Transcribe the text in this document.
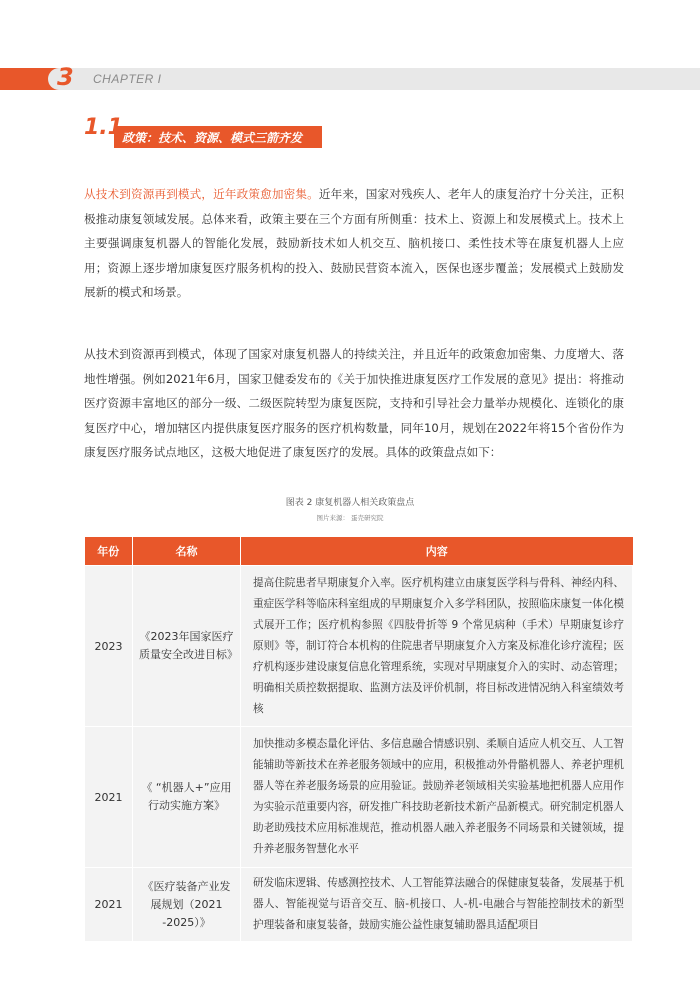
3 CHAPTER I
1.1 政策：技术、资源、模式三箭齐发

从技术到资源再到模式，近年政策愈加密集。近年来，国家对残疾人、老年人的康复治疗十分关注，正积极推动康复领域发展。总体来看，政策主要在三个方面有所侧重：技术上、资源上和发展模式上。技术上主要强调康复机器人的智能化发展，鼓励新技术如人机交互、脑机接口、柔性技术等在康复机器人上应用；资源上逐步增加康复医疗服务机构的投入、鼓励民营资本流入，医保也逐步覆盖；发展模式上鼓励发展新的模式和场景。

从技术到资源再到模式，体现了国家对康复机器人的持续关注，并且近年的政策愈加密集、力度增大、落地性增强。例如2021年6月，国家卫健委发布的《关于加快推进康复医疗工作发展的意见》提出：将推动医疗资源丰富地区的部分一级、二级医院转型为康复医院，支持和引导社会力量举办规模化、连锁化的康复医疗中心，增加辖区内提供康复医疗服务的医疗机构数量，同年10月，规划在2022年将15个省份作为康复医疗服务试点地区，这极大地促进了康复医疗的发展。具体的政策盘点如下：

图表 2 康复机器人相关政策盘点

图片来源： 蛋壳研究院

年份	名称	内容
2023	《2023年国家医疗质量安全改进目标》	提高住院患者早期康复介入率。医疗机构建立由康复医学科与骨科、神经内科、重症医学科等临床科室组成的早期康复介入多学科团队，按照临床康复一体化模式展开工作；医疗机构参照《四肢骨折等 9 个常见病种（手术）早期康复诊疗原则》等，制订符合本机构的住院患者早期康复介入方案及标准化诊疗流程；医疗机构逐步建设康复信息化管理系统，实现对早期康复介入的实时、动态管理；明确相关质控数据提取、监测方法及评价机制，将目标改进情况纳入科室绩效考核
2021	《 “机器人+”应用行动实施方案》	加快推动多模态量化评估、多信息融合情感识别、柔顺自适应人机交互、人工智能辅助等新技术在养老服务领域中的应用，积极推动外骨骼机器人、养老护理机器人等在养老服务场景的应用验证。鼓励养老领域相关实验基地把机器人应用作为实验示范重要内容，研发推广科技助老新技术新产品新模式。研究制定机器人助老助残技术应用标准规范，推动机器人融入养老服务不同场景和关键领域，提升养老服务智慧化水平
2021	《医疗装备产业发展规划（2021 -2025）》	研发临床逻辑、传感测控技术、人工智能算法融合的保健康复装备，发展基于机器人、智能视觉与语音交互、脑-机接口、人-机-电融合与智能控制技术的新型护理装备和康复装备，鼓励实施公益性康复辅助器具适配项目
